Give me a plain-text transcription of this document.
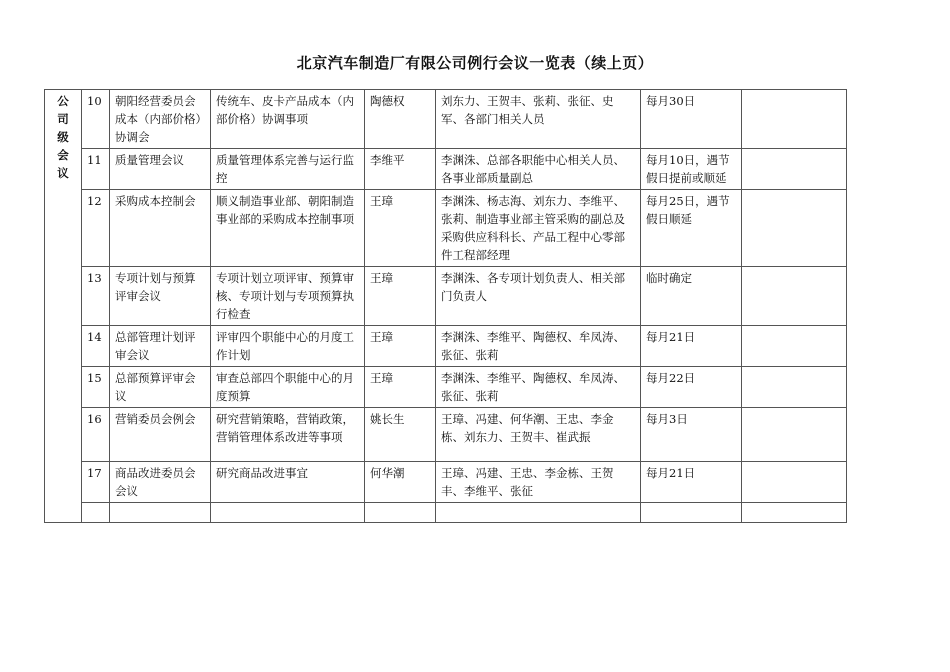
北京汽车制造厂有限公司例行会议一览表（续上页）
公
司
级
会
议	10	朝阳经营委员会成本（内部价格）协调会	传统车、皮卡产品成本（内部价格）协调事项	陶德权	刘东力、王贺丰、张莉、张征、史军、各部门相关人员	每月30日	
	11	质量管理会议	质量管理体系完善与运行监控	李维平	李渊洙、总部各职能中心相关人员、各事业部质量副总	每月10日，遇节假日提前或顺延	
	12	采购成本控制会	顺义制造事业部、朝阳制造事业部的采购成本控制事项	王璋	李渊洙、杨志海、刘东力、李维平、张莉、制造事业部主管采购的副总及采购供应科科长、产品工程中心零部件工程部经理	每月25日，遇节假日顺延	
	13	专项计划与预算评审会议	专项计划立项评审、预算审核、专项计划与专项预算执行检查	王璋	李渊洙、各专项计划负责人、相关部门负责人	临时确定	
	14	总部管理计划评审会议	评审四个职能中心的月度工作计划	王璋	李渊洙、李维平、陶德权、牟凤涛、张征、张莉	每月21日	
	15	总部预算评审会议	审查总部四个职能中心的月度预算	王璋	李渊洙、李维平、陶德权、牟凤涛、张征、张莉	每月22日	
	16	营销委员会例会	研究营销策略，营销政策，营销管理体系改进等事项	姚长生	王璋、冯建、何华潮、王忠、李金栋、刘东力、王贺丰、崔武振	每月3日	
	17	商品改进委员会会议	研究商品改进事宜	何华潮	王璋、冯建、王忠、李金栋、王贺丰、李维平、张征	每月21日	
